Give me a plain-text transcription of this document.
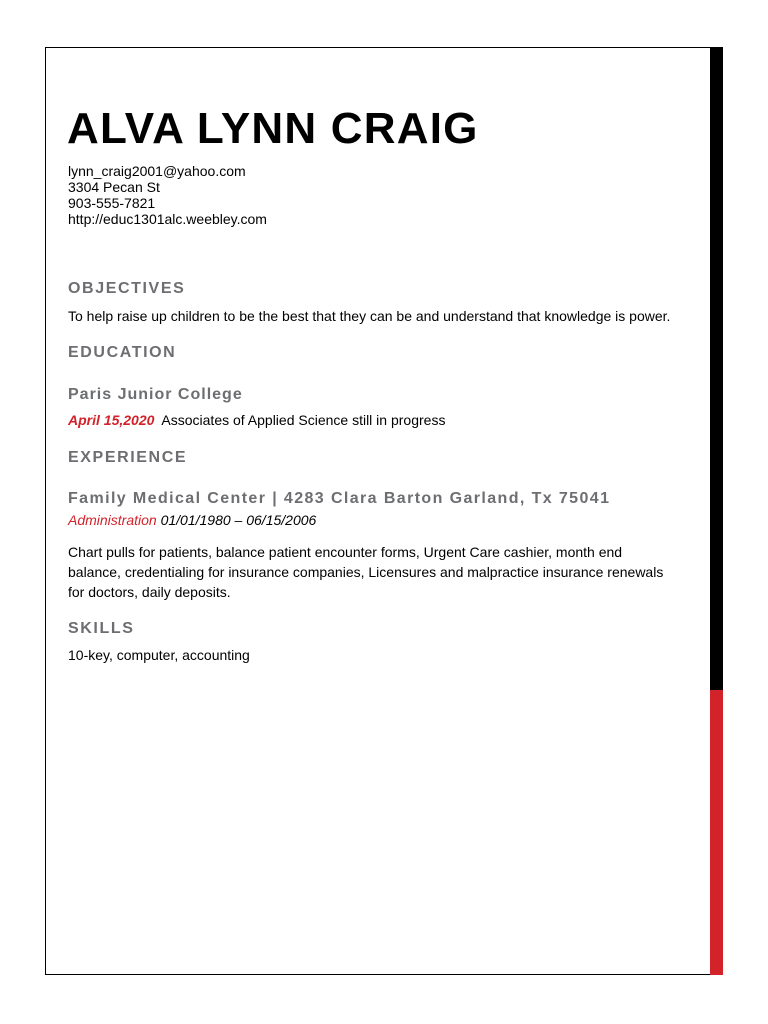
ALVA LYNN CRAIG
lynn_craig2001@yahoo.com
3304 Pecan St
903-555-7821
http://educ1301alc.weebley.com
OBJECTIVES
To help raise up children to be the best that they can be and understand that knowledge is power.
EDUCATION
Paris Junior College
April 15,2020 Associates of Applied Science still in progress
EXPERIENCE
Family Medical Center | 4283 Clara Barton Garland, Tx 75041
Administration 01/01/1980 – 06/15/2006
Chart pulls for patients, balance patient encounter forms, Urgent Care cashier, month end balance, credentialing for insurance companies, Licensures and malpractice insurance renewals for doctors, daily deposits.
SKILLS
10-key, computer, accounting
